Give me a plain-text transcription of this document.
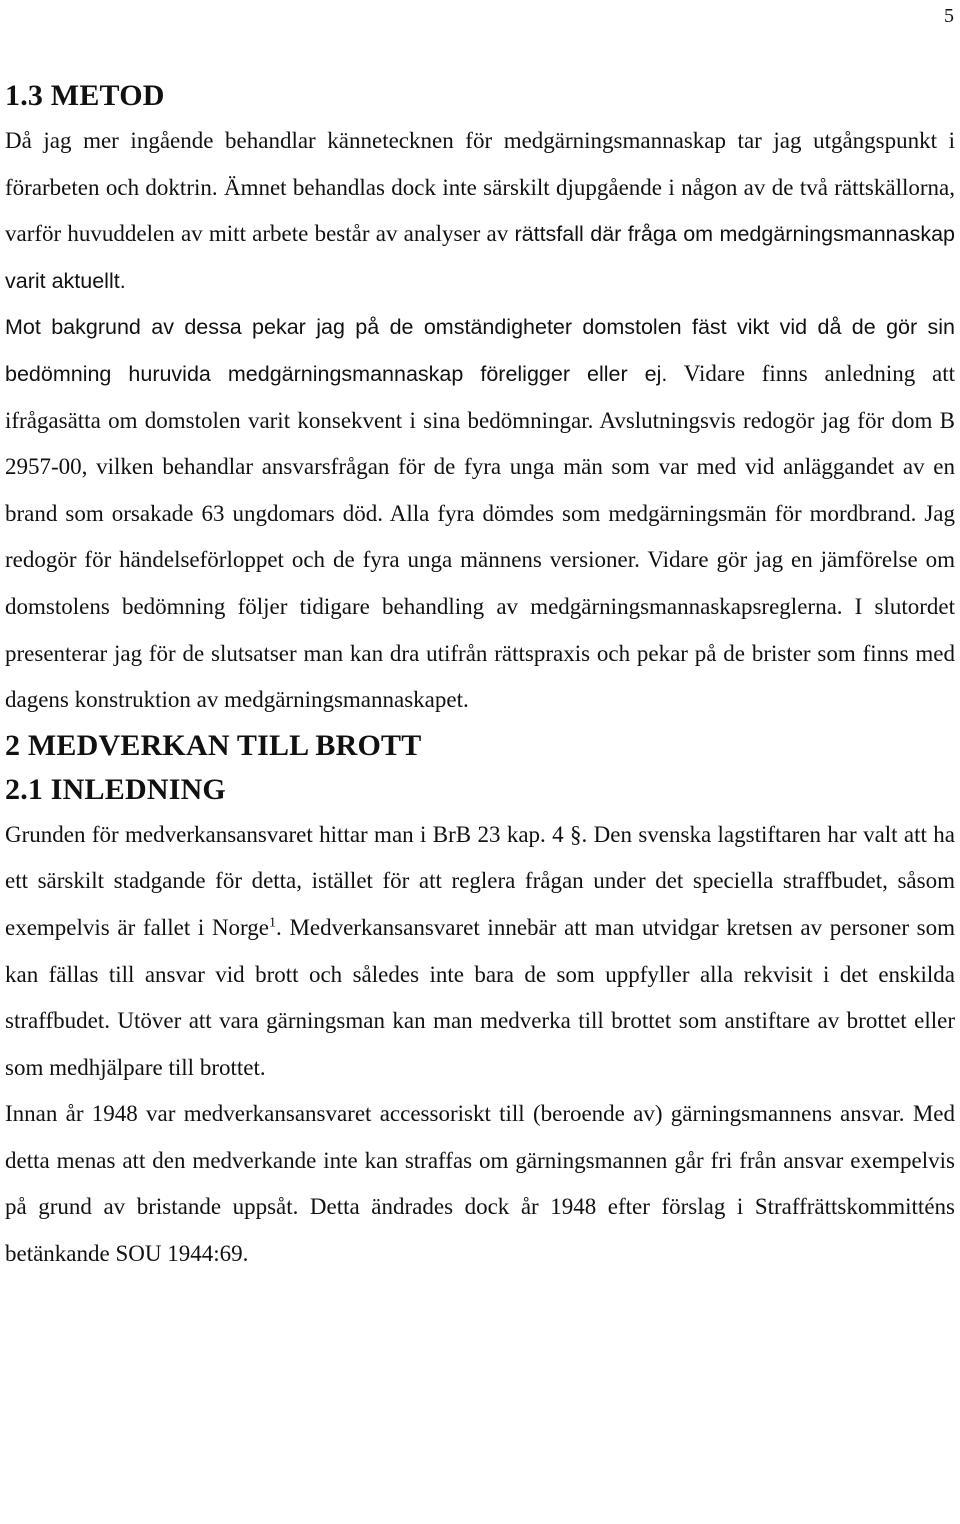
5
1.3 METOD

Då jag mer ingående behandlar kännetecknen för medgärningsmannaskap tar jag utgångspunkt i förarbeten och doktrin. Ämnet behandlas dock inte särskilt djupgående i någon av de två rättskällorna, varför huvuddelen av mitt arbete består av analyser av rättsfall där fråga om medgärningsmannaskap varit aktuellt.

Mot bakgrund av dessa pekar jag på de omständigheter domstolen fäst vikt vid då de gör sin bedömning huruvida medgärningsmannaskap föreligger eller ej. Vidare finns anledning att ifrågasätta om domstolen varit konsekvent i sina bedömningar. Avslutningsvis redogör jag för dom B 2957-00, vilken behandlar ansvarsfrågan för de fyra unga män som var med vid anläggandet av en brand som orsakade 63 ungdomars död. Alla fyra dömdes som medgärningsmän för mordbrand. Jag redogör för händelseförloppet och de fyra unga männens versioner. Vidare gör jag en jämförelse om domstolens bedömning följer tidigare behandling av medgärningsmannaskapsreglerna. I slutordet presenterar jag för de slutsatser man kan dra utifrån rättspraxis och pekar på de brister som finns med dagens konstruktion av medgärningsmannaskapet.

2 MEDVERKAN TILL BROTT
2.1 INLEDNING

Grunden för medverkansansvaret hittar man i BrB 23 kap. 4 §. Den svenska lagstiftaren har valt att ha ett särskilt stadgande för detta, istället för att reglera frågan under det speciella straffbudet, såsom exempelvis är fallet i Norge$^1$. Medverkansansvaret innebär att man utvidgar kretsen av personer som kan fällas till ansvar vid brott och således inte bara de som uppfyller alla rekvisit i det enskilda straffbudet. Utöver att vara gärningsman kan man medverka till brottet som anstiftare av brottet eller som medhjälpare till brottet.

Innan år 1948 var medverkansansvaret accessoriskt till (beroende av) gärningsmannens ansvar. Med detta menas att den medverkande inte kan straffas om gärningsmannen går fri från ansvar exempelvis på grund av bristande uppsåt. Detta ändrades dock år 1948 efter förslag i Straffrättskommitténs betänkande SOU 1944:69.
